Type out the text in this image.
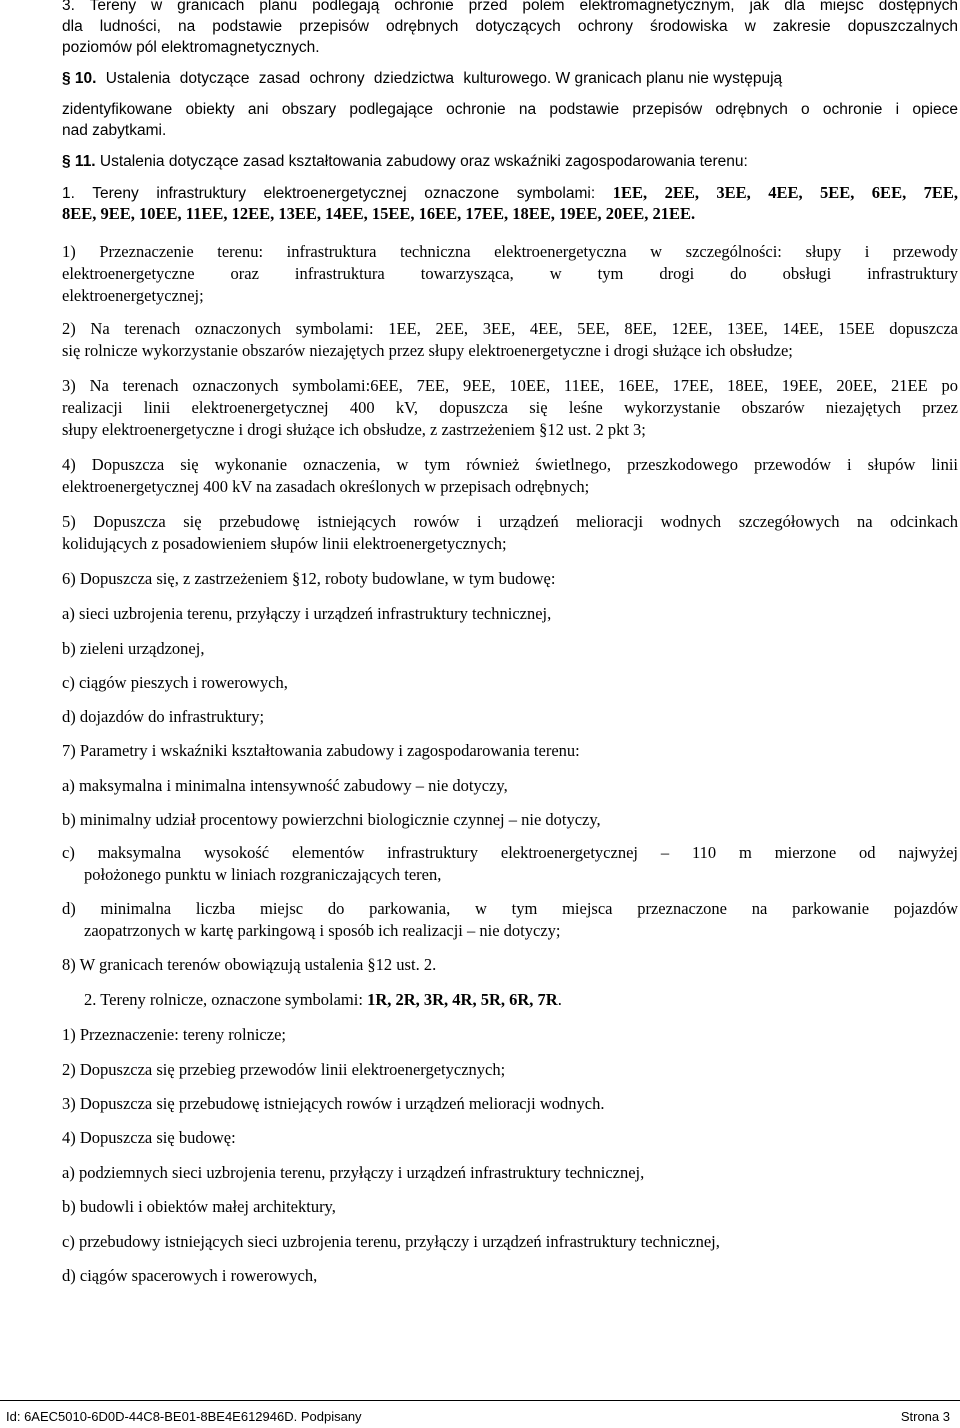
3. Tereny w granicach planu podlegają ochronie przed polem elektromagnetycznym, jak dla miejsc dostępnych

dla ludności, na podstawie przepisów odrębnych dotyczących ochrony środowiska w zakresie dopuszczalnych

poziomów pól elektromagnetycznych.

§ 10. Ustalenia dotyczące zasad ochrony dziedzictwa kulturowego. W granicach planu nie występują

zidentyfikowane obiekty ani obszary podlegające ochronie na podstawie przepisów odrębnych o ochronie i opiece

nad zabytkami.

§ 11. Ustalenia dotyczące zasad kształtowania zabudowy oraz wskaźniki zagospodarowania terenu:

1. Tereny infrastruktury elektroenergetycznej oznaczone symbolami: 1EE, 2EE, 3EE, 4EE, 5EE, 6EE, 7EE,

8EE, 9EE, 10EE, 11EE, 12EE, 13EE, 14EE, 15EE, 16EE, 17EE, 18EE, 19EE, 20EE, 21EE.

1) Przeznaczenie terenu: infrastruktura techniczna elektroenergetyczna w szczególności: słupy i przewody

elektroenergetyczne oraz infrastruktura towarzysząca, w tym drogi do obsługi infrastruktury

elektroenergetycznej;

2) Na terenach oznaczonych symbolami: 1EE, 2EE, 3EE, 4EE, 5EE, 8EE, 12EE, 13EE, 14EE, 15EE dopuszcza

się rolnicze wykorzystanie obszarów niezajętych przez słupy elektroenergetyczne i drogi służące ich obsłudze;

3) Na terenach oznaczonych symbolami:6EE, 7EE, 9EE, 10EE, 11EE, 16EE, 17EE, 18EE, 19EE, 20EE, 21EE po

realizacji linii elektroenergetycznej 400 kV, dopuszcza się leśne wykorzystanie obszarów niezajętych przez

słupy elektroenergetyczne i drogi służące ich obsłudze, z zastrzeżeniem §12 ust. 2 pkt 3;

4) Dopuszcza się wykonanie oznaczenia, w tym również świetlnego, przeszkodowego przewodów i słupów linii

elektroenergetycznej 400 kV na zasadach określonych w przepisach odrębnych;

5) Dopuszcza się przebudowę istniejących rowów i urządzeń melioracji wodnych szczegółowych na odcinkach

kolidujących z posadowieniem słupów linii elektroenergetycznych;

6) Dopuszcza się, z zastrzeżeniem §12, roboty budowlane, w tym budowę:

a) sieci uzbrojenia terenu, przyłączy i urządzeń infrastruktury technicznej,

b) zieleni urządzonej,

c) ciągów pieszych i rowerowych,

d) dojazdów do infrastruktury;

7) Parametry i wskaźniki kształtowania zabudowy i zagospodarowania terenu:

a) maksymalna i minimalna intensywność zabudowy – nie dotyczy,

b) minimalny udział procentowy powierzchni biologicznie czynnej – nie dotyczy,

c) maksymalna wysokość elementów infrastruktury elektroenergetycznej – 110 m mierzone od najwyżej

położonego punktu w liniach rozgraniczających teren,

d) minimalna liczba miejsc do parkowania, w tym miejsca przeznaczone na parkowanie pojazdów

zaopatrzonych w kartę parkingową i sposób ich realizacji – nie dotyczy;

8) W granicach terenów obowiązują ustalenia §12 ust. 2.

2. Tereny rolnicze, oznaczone symbolami: 1R, 2R, 3R, 4R, 5R, 6R, 7R.

1) Przeznaczenie: tereny rolnicze;

2) Dopuszcza się przebieg przewodów linii elektroenergetycznych;

3) Dopuszcza się przebudowę istniejących rowów i urządzeń melioracji wodnych.

4) Dopuszcza się budowę:

a) podziemnych sieci uzbrojenia terenu, przyłączy i urządzeń infrastruktury technicznej,

b) budowli i obiektów małej architektury,

c) przebudowy istniejących sieci uzbrojenia terenu, przyłączy i urządzeń infrastruktury technicznej,

d) ciągów spacerowych i rowerowych,

Id: 6AEC5010-6D0D-44C8-BE01-8BE4E612946D. Podpisany	Strona 3
